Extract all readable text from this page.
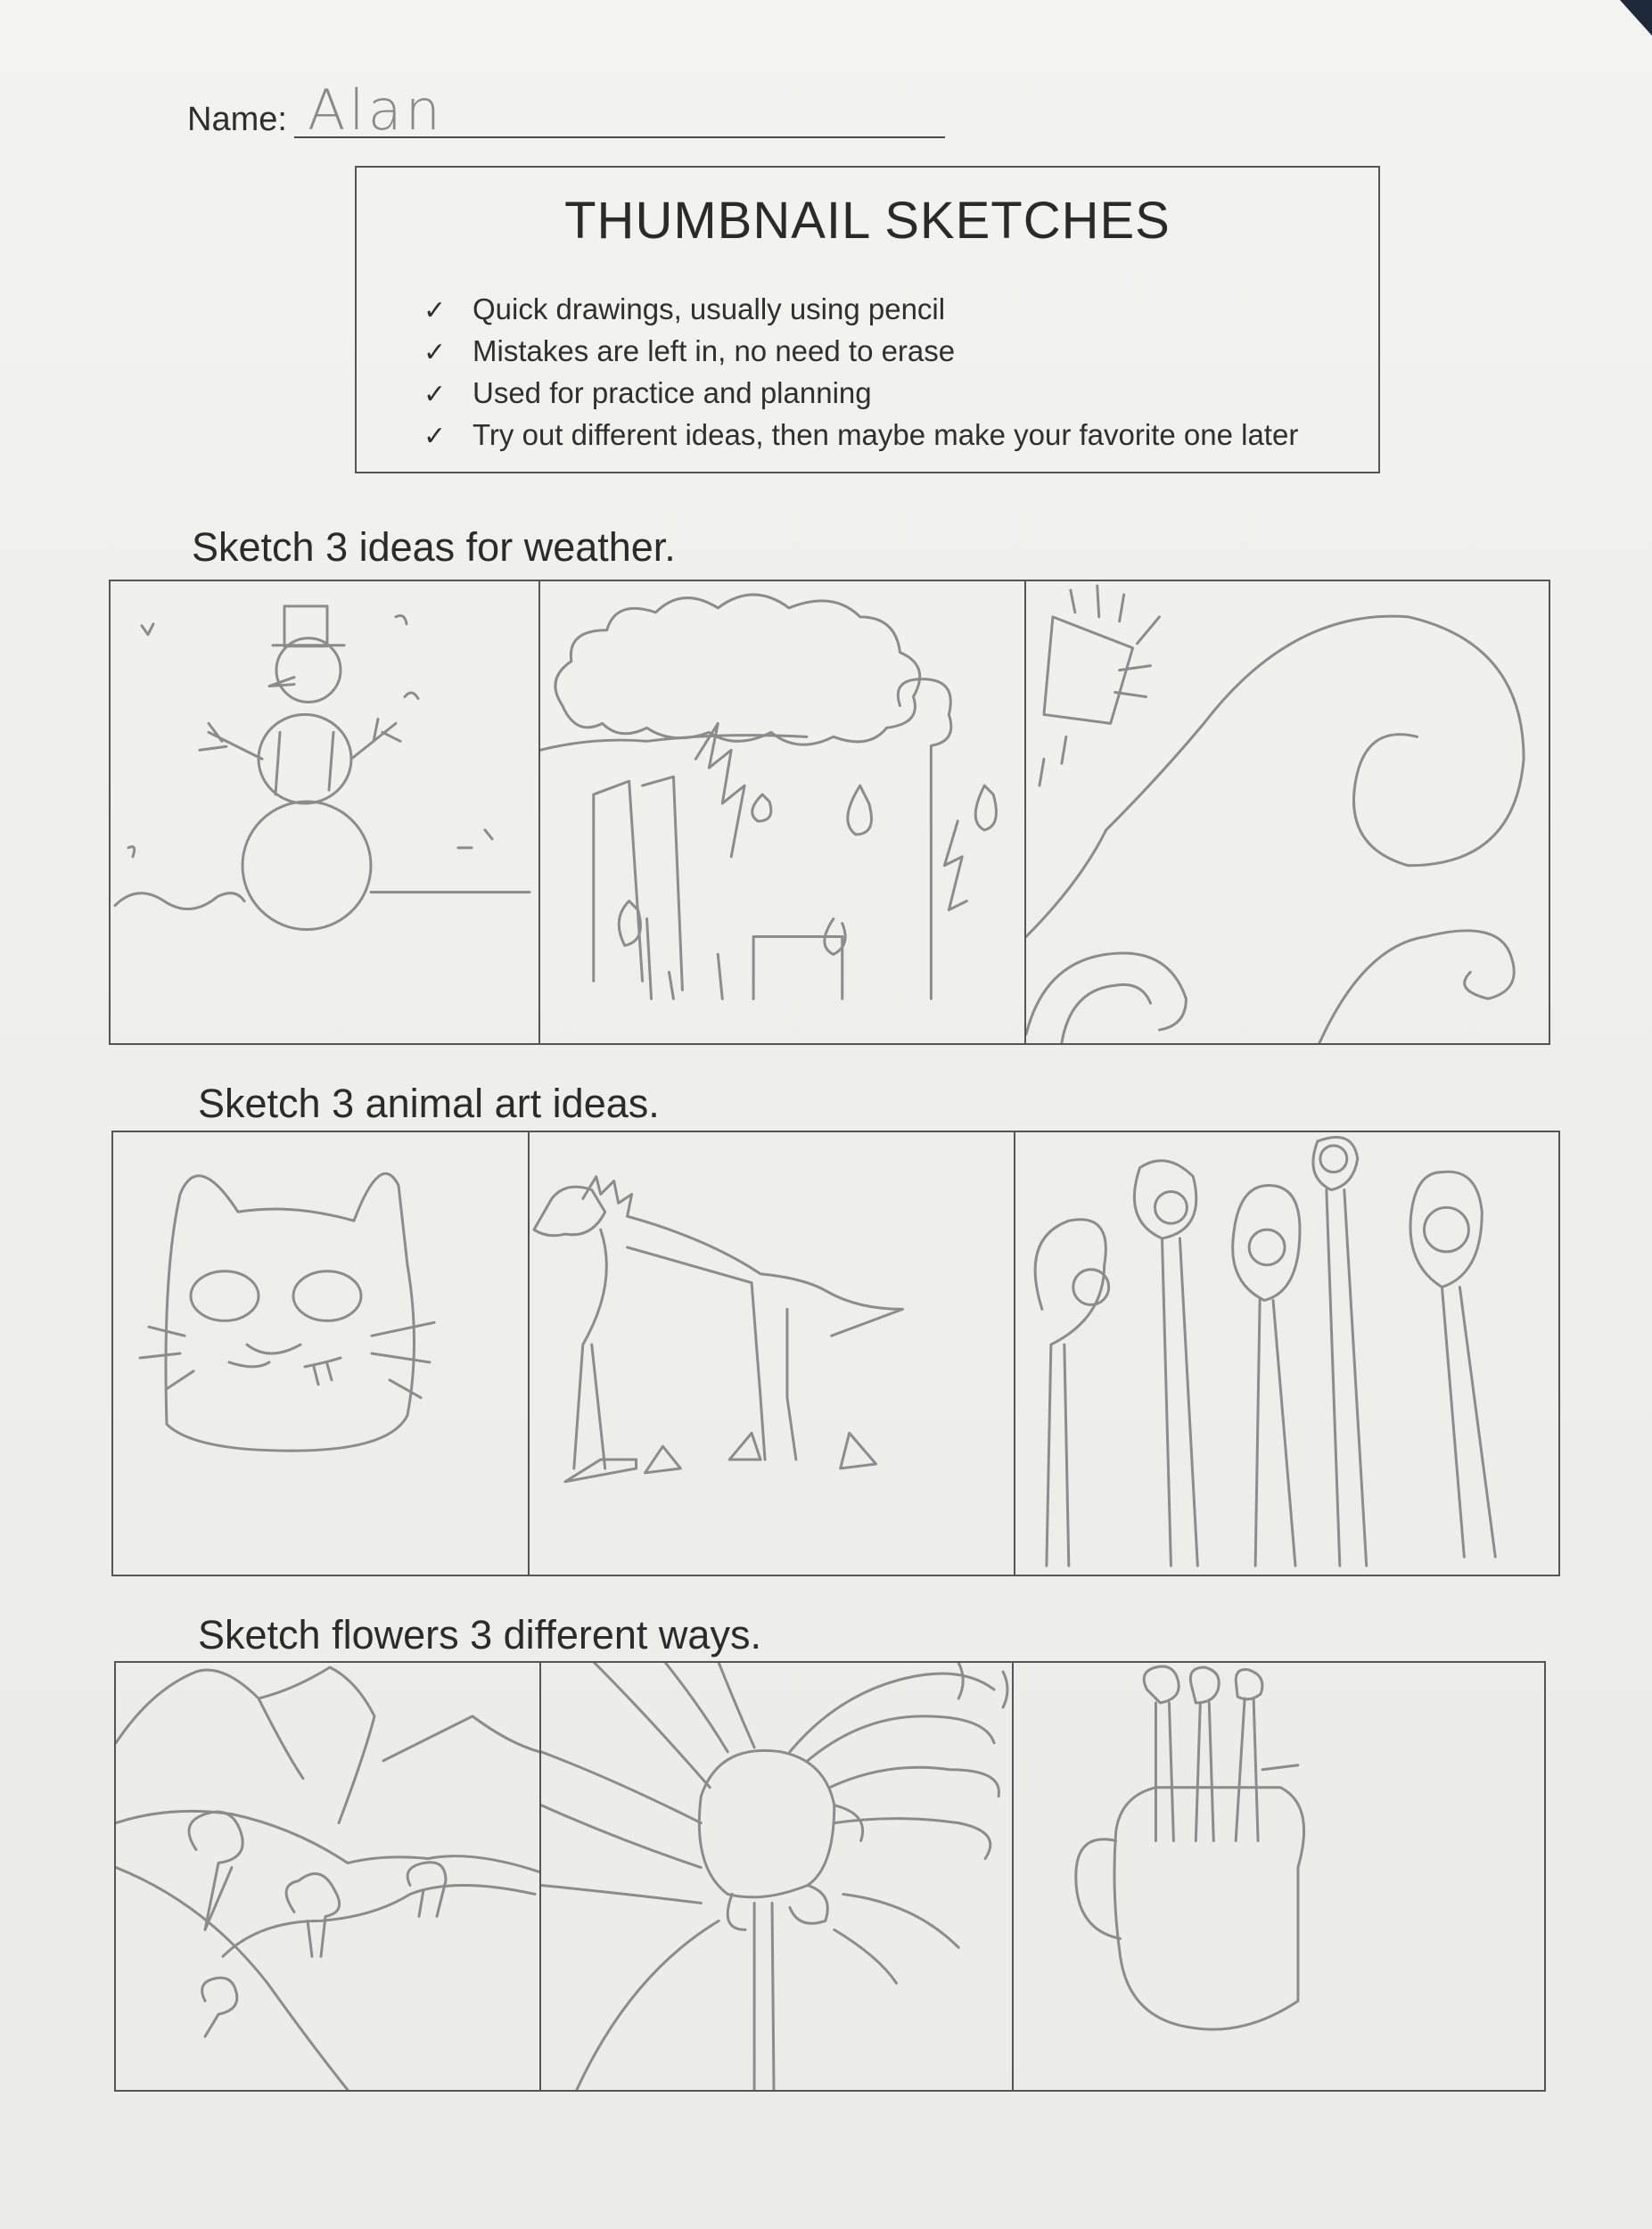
Name: Alan
THUMBNAIL SKETCHES
✓ Quick drawings, usually using pencil
✓ Mistakes are left in, no need to erase
✓ Used for practice and planning
✓ Try out different ideas, then maybe make your favorite one later
Sketch 3 ideas for weather.
Sketch 3 animal art ideas.
Sketch flowers 3 different ways.
